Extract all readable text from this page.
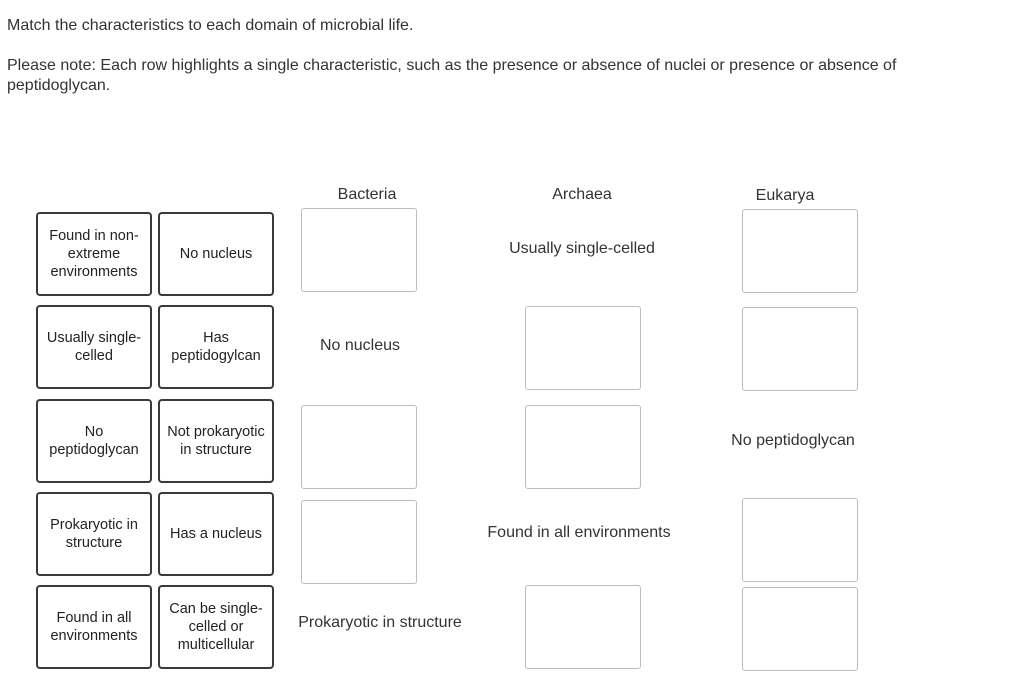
Match the characteristics to each domain of microbial life.

Please note: Each row highlights a single characteristic, such as the presence or absence of nuclei or presence or absence of peptidoglycan.

Found in non-extreme environments
No nucleus
Usually single-celled
Has peptidogylcan
No peptidoglycan
Not prokaryotic in structure
Prokaryotic in structure
Has a nucleus
Found in all environments
Can be single-celled or multicellular
Bacteria	Archaea	Eukarya
Usually single-celled
No nucleus
No peptidoglycan
Found in all environments
Prokaryotic in structure
